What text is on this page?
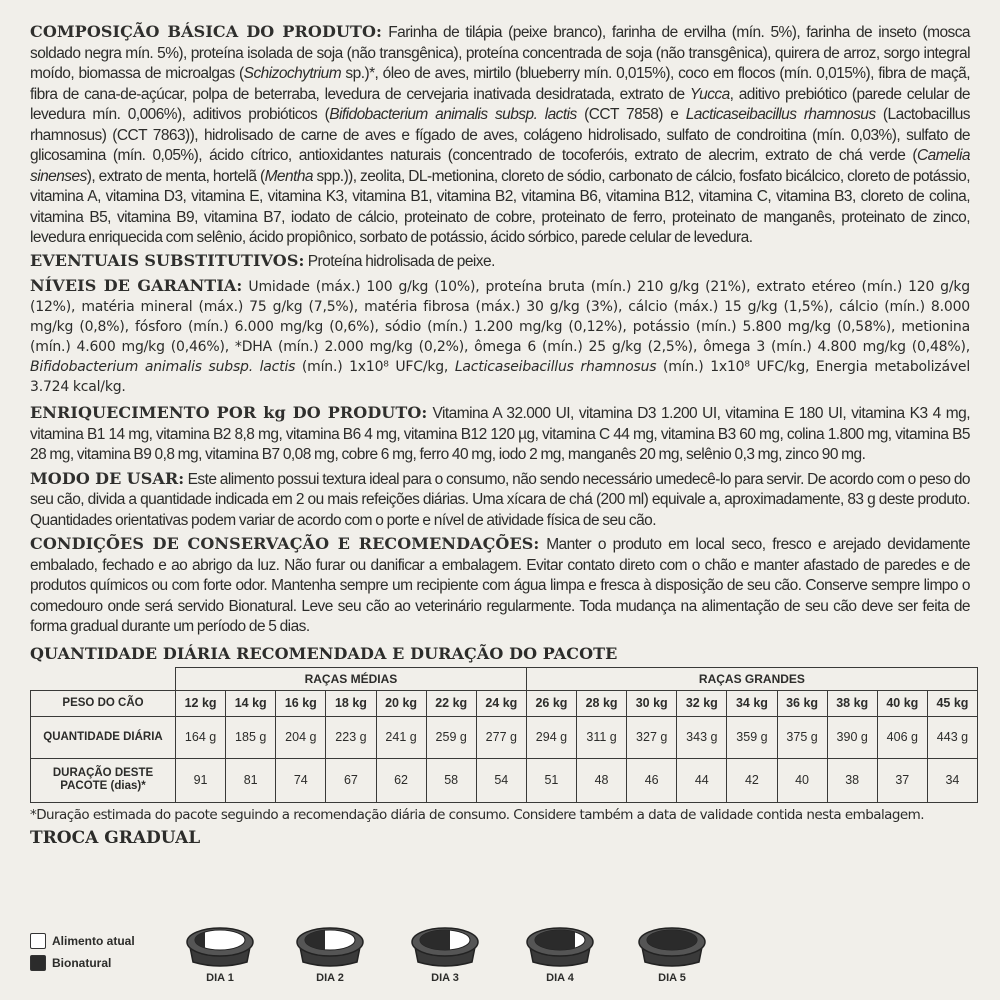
COMPOSIÇÃO BÁSICA DO PRODUTO: Farinha de tilápia (peixe branco), farinha de ervilha (mín. 5%), farinha de inseto (mosca soldado negra mín. 5%), proteína isolada de soja (não transgênica), proteína concentrada de soja (não transgênica), quirera de arroz, sorgo integral moído, biomassa de microalgas (Schizochytrium sp.)*, óleo de aves, mirtilo (blueberry mín. 0,015%), coco em flocos (mín. 0,015%), fibra de maçã, fibra de cana-de-açúcar, polpa de beterraba, levedura de cervejaria inativada desidratada, extrato de Yucca, aditivo prebiótico (parede celular de levedura mín. 0,006%), aditivos probióticos (Bifidobacterium animalis subsp. lactis (CCT 7858) e Lacticaseibacillus rhamnosus (Lactobacillus rhamnosus) (CCT 7863)), hidrolisado de carne de aves e fígado de aves, colágeno hidrolisado, sulfato de condroitina (mín. 0,03%), sulfato de glicosamina (mín. 0,05%), ácido cítrico, antioxidantes naturais (concentrado de tocoferóis, extrato de alecrim, extrato de chá verde (Camelia sinenses), extrato de menta, hortelã (Mentha spp.)), zeolita, DL-metionina, cloreto de sódio, carbonato de cálcio, fosfato bicálcico, cloreto de potássio, vitamina A, vitamina D3, vitamina E, vitamina K3, vitamina B1, vitamina B2, vitamina B6, vitamina B12, vitamina C, vitamina B3, cloreto de colina, vitamina B5, vitamina B9, vitamina B7, iodato de cálcio, proteinato de cobre, proteinato de ferro, proteinato de manganês, proteinato de zinco, levedura enriquecida com selênio, ácido propiônico, sorbato de potássio, ácido sórbico, parede celular de levedura.

EVENTUAIS SUBSTITUTIVOS: Proteína hidrolisada de peixe.

NÍVEIS DE GARANTIA: Umidade (máx.) 100 g/kg (10%), proteína bruta (mín.) 210 g/kg (21%), extrato etéreo (mín.) 120 g/kg (12%), matéria mineral (máx.) 75 g/kg (7,5%), matéria fibrosa (máx.) 30 g/kg (3%), cálcio (máx.) 15 g/kg (1,5%), cálcio (mín.) 8.000 mg/kg (0,8%), fósforo (mín.) 6.000 mg/kg (0,6%), sódio (mín.) 1.200 mg/kg (0,12%), potássio (mín.) 5.800 mg/kg (0,58%), metionina (mín.) 4.600 mg/kg (0,46%), *DHA (mín.) 2.000 mg/kg (0,2%), ômega 6 (mín.) 25 g/kg (2,5%), ômega 3 (mín.) 4.800 mg/kg (0,48%), Bifidobacterium animalis subsp. lactis (mín.) 1x10⁸ UFC/kg, Lacticaseibacillus rhamnosus (mín.) 1x10⁸ UFC/kg, Energia metabolizável 3.724 kcal/kg.

ENRIQUECIMENTO POR kg DO PRODUTO: Vitamina A 32.000 UI, vitamina D3 1.200 UI, vitamina E 180 UI, vitamina K3 4 mg, vitamina B1 14 mg, vitamina B2 8,8 mg, vitamina B6 4 mg, vitamina B12 120 µg, vitamina C 44 mg, vitamina B3 60 mg, colina 1.800 mg, vitamina B5 28 mg, vitamina B9 0,8 mg, vitamina B7 0,08 mg, cobre 6 mg, ferro 40 mg, iodo 2 mg, manganês 20 mg, selênio 0,3 mg, zinco 90 mg.

MODO DE USAR: Este alimento possui textura ideal para o consumo, não sendo necessário umedecê-lo para servir. De acordo com o peso do seu cão, divida a quantidade indicada em 2 ou mais refeições diárias. Uma xícara de chá (200 ml) equivale a, aproximadamente, 83 g deste produto. Quantidades orientativas podem variar de acordo com o porte e nível de atividade física de seu cão.

CONDIÇÕES DE CONSERVAÇÃO E RECOMENDAÇÕES: Manter o produto em local seco, fresco e arejado devidamente embalado, fechado e ao abrigo da luz. Não furar ou danificar a embalagem. Evitar contato direto com o chão e manter afastado de paredes e de produtos químicos ou com forte odor. Mantenha sempre um recipiente com água limpa e fresca à disposição de seu cão. Conserve sempre limpo o comedouro onde será servido Bionatural. Leve seu cão ao veterinário regularmente. Toda mudança na alimentação de seu cão deve ser feita de forma gradual durante um período de 5 dias.

QUANTIDADE DIÁRIA RECOMENDADA E DURAÇÃO DO PACOTE

	RAÇAS MÉDIAS							RAÇAS GRANDES								
PESO DO CÃO	12 kg	14 kg	16 kg	18 kg	20 kg	22 kg	24 kg	26 kg	28 kg	30 kg	32 kg	34 kg	36 kg	38 kg	40 kg	45 kg
QUANTIDADE DIÁRIA	164 g	185 g	204 g	223 g	241 g	259 g	277 g	294 g	311 g	327 g	343 g	359 g	375 g	390 g	406 g	443 g
DURAÇÃO DESTE PACOTE (dias)*	91	81	74	67	62	58	54	51	48	46	44	42	40	38	37	34

*Duração estimada do pacote seguindo a recomendação diária de consumo. Considere também a data de validade contida nesta embalagem.

TROCA GRADUAL

Alimento atual
Bionatural
DIA 1	DIA 2	DIA 3	DIA 4	DIA 5
